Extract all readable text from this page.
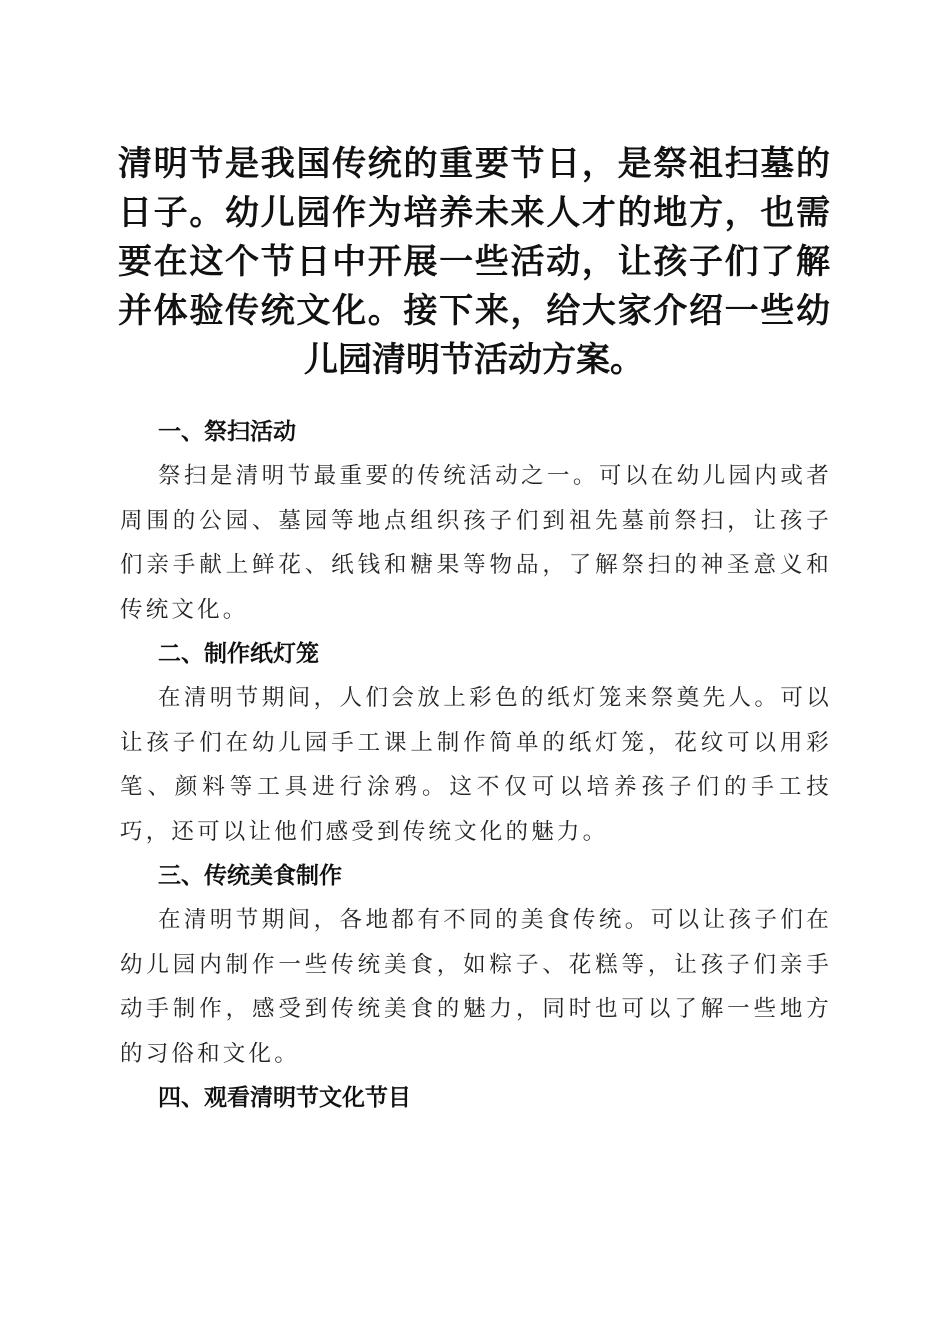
清明节是我国传统的重要节日，是祭祖扫墓的日子。幼儿园作为培养未来人才的地方，也需要在这个节日中开展一些活动，让孩子们了解并体验传统文化。接下来，给大家介绍一些幼儿园清明节活动方案。

一、祭扫活动

祭扫是清明节最重要的传统活动之一。可以在幼儿园内或者周围的公园、墓园等地点组织孩子们到祖先墓前祭扫，让孩子们亲手献上鲜花、纸钱和糖果等物品，了解祭扫的神圣意义和传统文化。

二、制作纸灯笼

在清明节期间，人们会放上彩色的纸灯笼来祭奠先人。可以让孩子们在幼儿园手工课上制作简单的纸灯笼，花纹可以用彩笔、颜料等工具进行涂鸦。这不仅可以培养孩子们的手工技巧，还可以让他们感受到传统文化的魅力。

三、传统美食制作

在清明节期间，各地都有不同的美食传统。可以让孩子们在幼儿园内制作一些传统美食，如粽子、花糕等，让孩子们亲手动手制作，感受到传统美食的魅力，同时也可以了解一些地方的习俗和文化。

四、观看清明节文化节目
